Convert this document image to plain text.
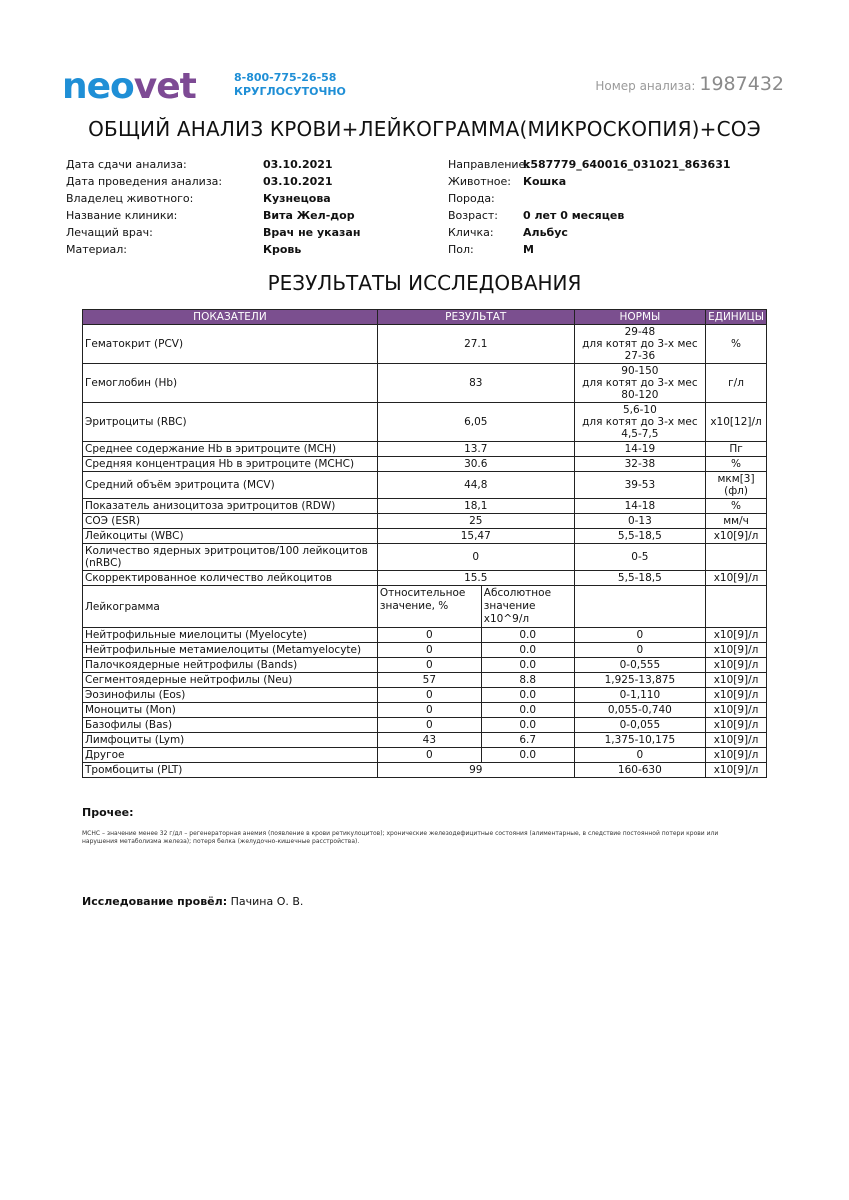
neovet	8-800-775-26-58
КРУГЛОСУТОЧНО	Номер анализа: 1987432
ОБЩИЙ АНАЛИЗ КРОВИ+ЛЕЙКОГРАММА(МИКРОСКОПИЯ)+СОЭ
Дата сдачи анализа:	03.10.2021
Дата проведения анализа:	03.10.2021
Владелец животного:	Кузнецова
Название клиники:	Вита Жел-дор
Лечащий врач:	Врач не указан
Материал:	Кровь
Направление:k587779_640016_031021_863631
Животное: Кошка
Порода:
Возраст: 0 лет 0 месяцев
Кличка:	Альбус
Пол:	М
РЕЗУЛЬТАТЫ ИССЛЕДОВАНИЯ
ПОКАЗАТЕЛИ	РЕЗУЛЬТАТ		НОРМЫ	ЕДИНИЦЫ
Гематокрит (PCV)	27.1		29-48
для котят до 3-х мес
27-36	%
Гемоглобин (Hb)	83		90-150
для котят до 3-х мес
80-120	г/л
Эритроциты (RBC)	6,05		5,6-10
для котят до 3-х мес
4,5-7,5	х10[12]/л
Среднее содержание Hb в эритроците (MCH)	13.7		14-19	Пг
Средняя концентрация Hb в эритроците (MCHC)	30.6		32-38	%
Средний объём эритроцита (MCV)	44,8		39-53	мкм[3](фл)
Показатель анизоцитоза эритроцитов (RDW)	18,1		14-18	%
СОЭ (ESR)	25		0-13	мм/ч
Лейкоциты (WBC)	15,47		5,5-18,5	х10[9]/л
Количество ядерных эритроцитов/100 лейкоцитов (nRBC)	0		0-5	

Скорректированное количество лейкоцитов	15.5		5,5-18,5	х10[9]/л
Лейкограмма	Относительное значение, %	Абсолютное значение х10^9/л		
Нейтрофильные миелоциты (Myelocyte)	0	0.0	0	х10[9]/л
Нейтрофильные метамиелоциты (Metamyelocyte)	0	0.0	0	х10[9]/л
Палочкоядерные нейтрофилы (Bands)	0	0.0	0-0,555	х10[9]/л
Сегментоядерные нейтрофилы (Neu)	57	8.8	1,925-13,875	х10[9]/л
Эозинофилы (Eos)	0	0.0	0-1,110	х10[9]/л
Моноциты (Mon)	0	0.0	0,055-0,740	х10[9]/л
Базофилы (Bas)	0	0.0	0-0,055	х10[9]/л
Лимфоциты (Lym)	43	6.7	1,375-10,175	х10[9]/л
Другое	0	0.0	0	х10[9]/л
Тромбоциты (PLT)	99		160-630	х10[9]/л
Прочее:
МСНС – значение менее 32 г/дл – регенераторная анемия (появление в крови ретикулоцитов); хронические железодефицитные состояния (алиментарные, в следствие постоянной потери крови или нарушения метаболизма железа); потеря белка (желудочно-кишечные расстройства).
Исследование провёл: Пачина О. В.
